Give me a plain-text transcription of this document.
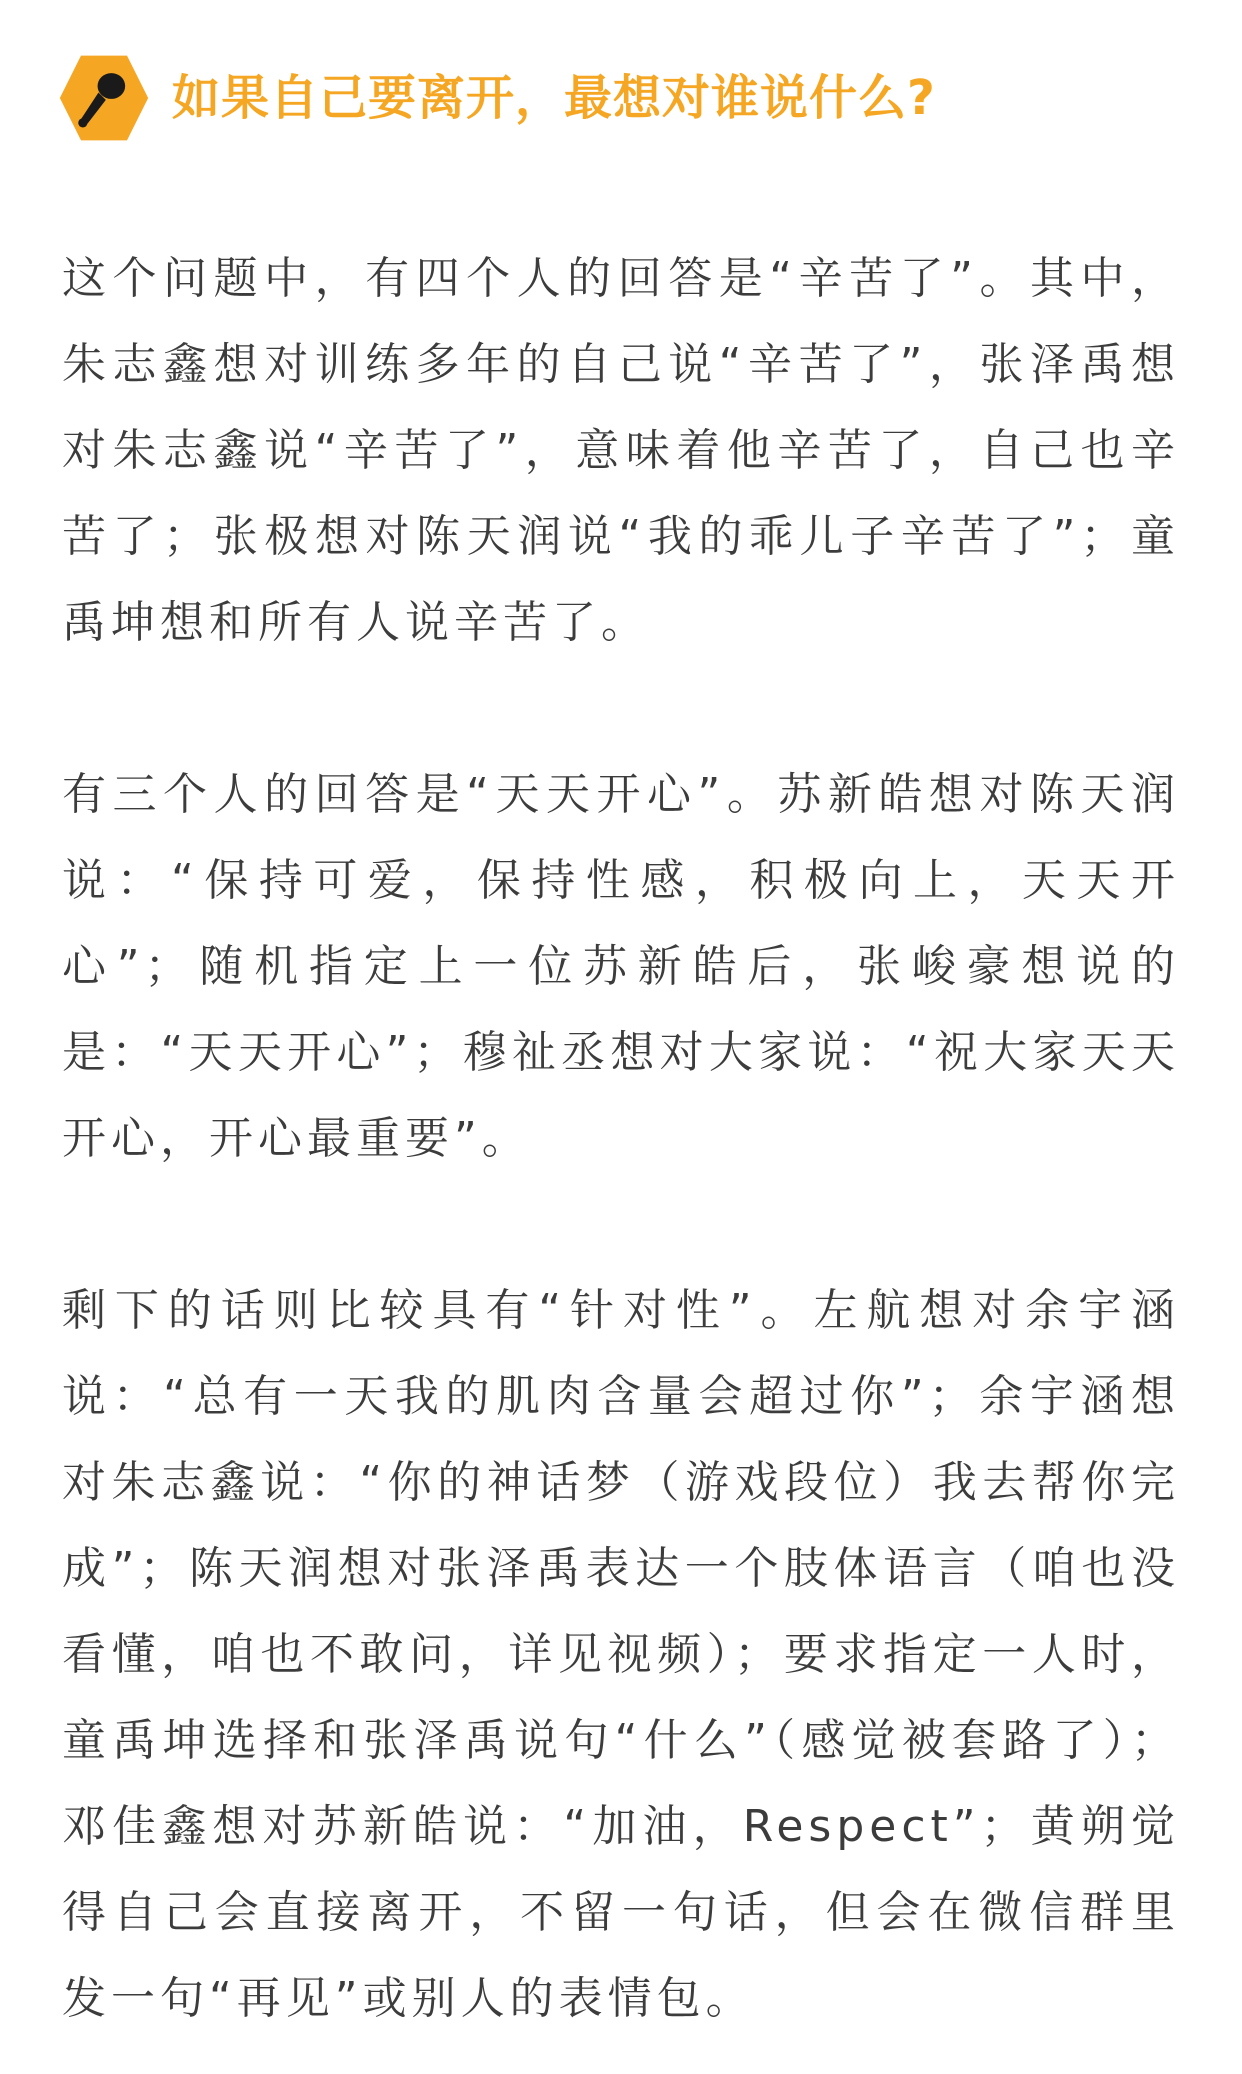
如果自己要离开，最想对谁说什么?

这个问题中，有四个人的回答是“辛苦了”。其中，朱志鑫想对训练多年的自己说“辛苦了”，张泽禹想对朱志鑫说“辛苦了”，意味着他辛苦了，自己也辛苦了；张极想对陈天润说“我的乖儿子辛苦了”；童禹坤想和所有人说辛苦了。

有三个人的回答是“天天开心”。苏新皓想对陈天润说：“保持可爱，保持性感，积极向上，天天开心”；随机指定上一位苏新皓后，张峻豪想说的是：“天天开心”；穆祉丞想对大家说：“祝大家天天开心，开心最重要”。

剩下的话则比较具有“针对性”。左航想对余宇涵说：“总有一天我的肌肉含量会超过你”；余宇涵想对朱志鑫说：“你的神话梦（游戏段位）我去帮你完成”；陈天润想对张泽禹表达一个肢体语言（咱也没看懂，咱也不敢问，详见视频）；要求指定一人时，童禹坤选择和张泽禹说句“什么”（感觉被套路了）；邓佳鑫想对苏新皓说：“加油，Respect”；黄朔觉得自己会直接离开，不留一句话，但会在微信群里发一句“再见”或别人的表情包。
